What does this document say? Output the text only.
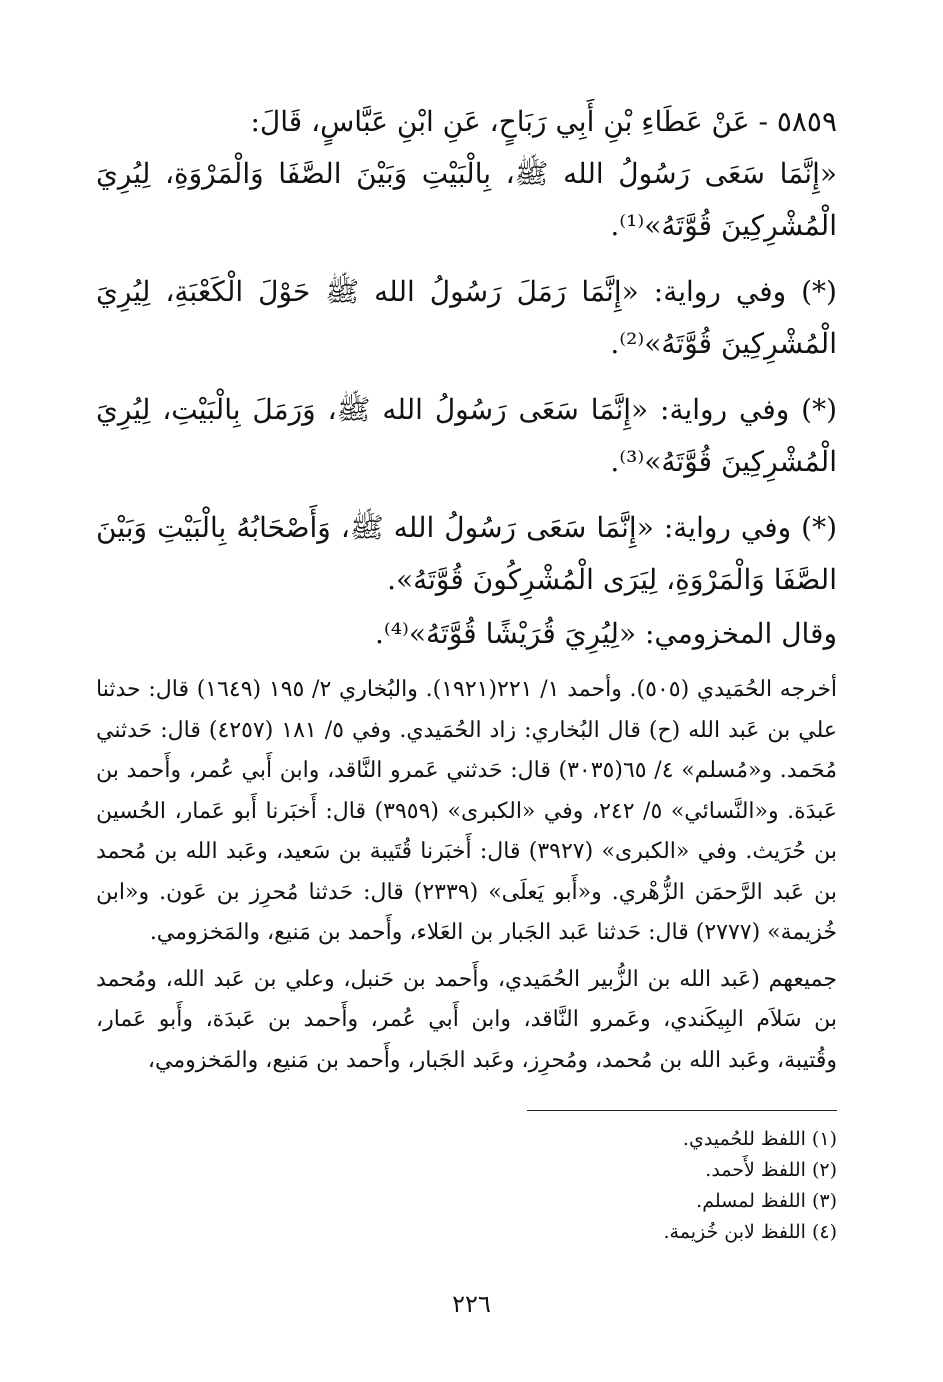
٥٨٥٩ - عَنْ عَطَاءِ بْنِ أَبِي رَبَاحٍ، عَنِ ابْنِ عَبَّاسٍ، قَالَ:

«إِنَّمَا سَعَى رَسُولُ الله ﷺ، بِالْبَيْتِ وَبَيْنَ الصَّفَا وَالْمَرْوَةِ، لِيُرِيَ الْمُشْرِكِينَ قُوَّتَهُ»⁽¹⁾.

(*) وفي رواية: «إِنَّمَا رَمَلَ رَسُولُ الله ﷺ حَوْلَ الْكَعْبَةِ، لِيُرِيَ الْمُشْرِكِينَ قُوَّتَهُ»⁽²⁾.

(*) وفي رواية: «إِنَّمَا سَعَى رَسُولُ الله ﷺ، وَرَمَلَ بِالْبَيْتِ، لِيُرِيَ الْمُشْرِكِينَ قُوَّتَهُ»⁽³⁾.

(*) وفي رواية: «إِنَّمَا سَعَى رَسُولُ الله ﷺ، وَأَصْحَابُهُ بِالْبَيْتِ وَبَيْنَ الصَّفَا وَالْمَرْوَةِ، لِيَرَى الْمُشْرِكُونَ قُوَّتَهُ».

وقال المخزومي: «لِيُرِيَ قُرَيْشًا قُوَّتَهُ»⁽⁴⁾.

أخرجه الحُمَيدي (٥٠٥). وأحمد ١/ ٢٢١(١٩٢١). والبُخاري ٢/ ١٩٥ (١٦٤٩) قال: حدثنا علي بن عَبد الله (ح) قال البُخاري: زاد الحُمَيدي. وفي ٥/ ١٨١ (٤٢٥٧) قال: حَدثني مُحَمد. و«مُسلم» ٤/ ٦٥(٣٠٣٥) قال: حَدثني عَمرو النَّاقد، وابن أَبي عُمر، وأَحمد بن عَبدَة. و«النَّسائي» ٥/ ٢٤٢، وفي «الكبرى» (٣٩٥٩) قال: أَخبَرنا أَبو عَمار، الحُسين بن حُرَيث. وفي «الكبرى» (٣٩٢٧) قال: أَخبَرنا قُتَيبة بن سَعيد، وعَبد الله بن مُحمد بن عَبد الرَّحمَن الزُّهْري. و«أَبو يَعلَى» (٢٣٣٩) قال: حَدثنا مُحرِز بن عَون. و«ابن خُزيمة» (٢٧٧٧) قال: حَدثنا عَبد الجَبار بن العَلاء، وأَحمد بن مَنيع، والمَخزومي.

جميعهم (عَبد الله بن الزُّبير الحُمَيدي، وأَحمد بن حَنبل، وعلي بن عَبد الله، ومُحمد بن سَلاَم البِيكَندي، وعَمرو النَّاقد، وابن أَبي عُمر، وأَحمد بن عَبدَة، وأَبو عَمار، وقُتيبة، وعَبد الله بن مُحمد، ومُحرِز، وعَبد الجَبار، وأَحمد بن مَنيع، والمَخزومي،

(١) اللفظ للحُميدي.

(٢) اللفظ لأَحمد.

(٣) اللفظ لمسلم.

(٤) اللفظ لابن خُزيمة.

٢٢٦
